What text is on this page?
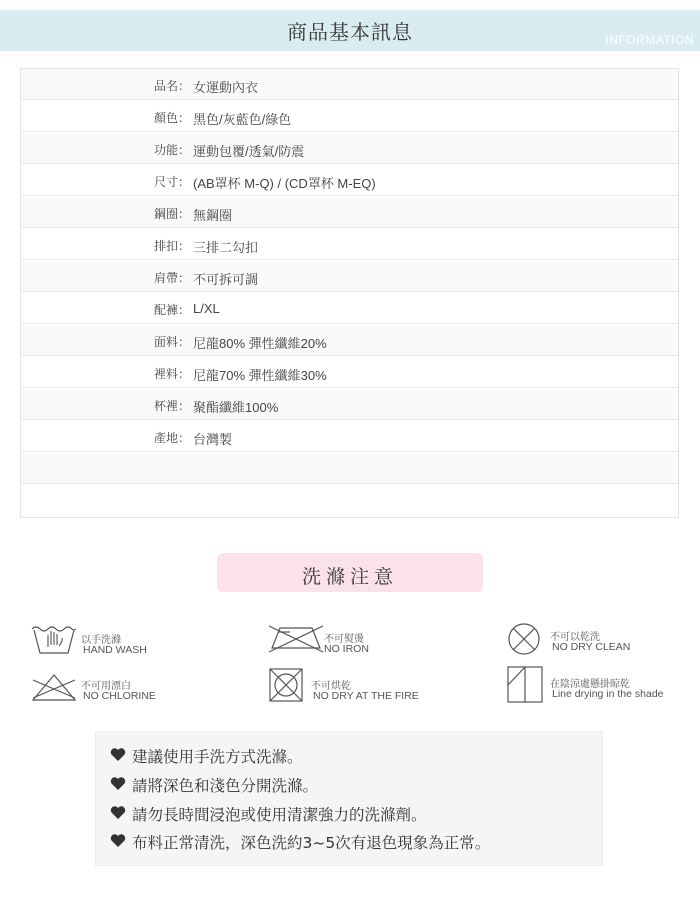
商品基本訊息	INFORMATION
品名： 女運動內衣
顏色： 黑色/灰藍色/綠色
功能： 運動包覆/透氣/防震
尺寸： (AB罩杯 M-Q) / (CD罩杯 M-EQ)
鋼圈： 無鋼圈
排扣： 三排二勾扣
肩帶： 不可拆可調
配褲： L/XL
面料： 尼龍80% 彈性纖維20%
裡料： 尼龍70% 彈性纖維30%
杯裡： 聚酯纖維100%
產地： 台灣製
洗滌注意
以手洗滌
HAND WASH
不可熨燙
NO IRON
不可以乾洗
NO DRY CLEAN
不可用漂白
NO CHLORINE
不可烘乾
NO DRY AT THE FIRE
在陰涼處懸掛晾乾
Line drying in the shade
建議使用手洗方式洗滌。
請將深色和淺色分開洗滌。
請勿長時間浸泡或使用清潔強力的洗滌劑。
布料正常清洗，深色洗約3~5次有退色現象為正常。
